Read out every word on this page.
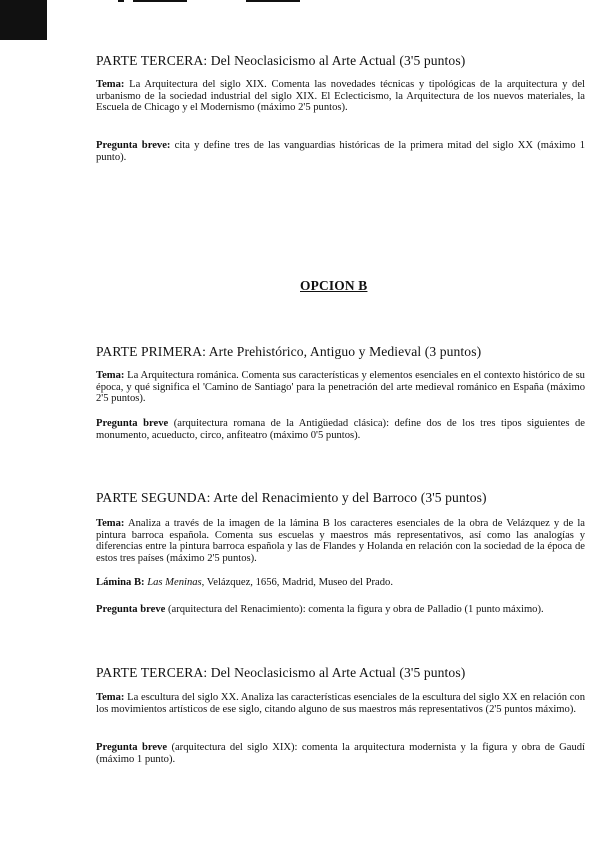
PARTE TERCERA: Del Neoclasicismo al Arte Actual (3'5 puntos)
Tema: La Arquitectura del siglo XIX. Comenta las novedades técnicas y tipológicas de la arquitectura y del urbanismo de la sociedad industrial del siglo XIX. El Eclecticismo, la Arquitectura de los nuevos materiales, la Escuela de Chicago y el Modernismo (máximo 2'5 puntos).
Pregunta breve: cita y define tres de las vanguardias históricas de la primera mitad del siglo XX (máximo 1 punto).
OPCION B
PARTE PRIMERA: Arte Prehistórico, Antiguo y Medieval (3 puntos)
Tema: La Arquitectura románica. Comenta sus características y elementos esenciales en el contexto histórico de su época, y qué significa el 'Camino de Santiago' para la penetración del arte medieval románico en España (máximo 2'5 puntos).
Pregunta breve (arquitectura romana de la Antigüedad clásica): define dos de los tres tipos siguientes de monumento, acueducto, circo, anfiteatro (máximo 0'5 puntos).
PARTE SEGUNDA: Arte del Renacimiento y del Barroco (3'5 puntos)
Tema: Analiza a través de la imagen de la lámina B los caracteres esenciales de la obra de Velázquez y de la pintura barroca española. Comenta sus escuelas y maestros más representativos, así como las analogías y diferencias entre la pintura barroca española y las de Flandes y Holanda en relación con la sociedad de la época de estos tres países (máximo 2'5 puntos).
Lámina B: Las Meninas, Velázquez, 1656, Madrid, Museo del Prado.
Pregunta breve (arquitectura del Renacimiento): comenta la figura y obra de Palladio (1 punto máximo).
PARTE TERCERA: Del Neoclasicismo al Arte Actual (3'5 puntos)
Tema: La escultura del siglo XX. Analiza las características esenciales de la escultura del siglo XX en relación con los movimientos artísticos de ese siglo, citando alguno de sus maestros más representativos (2'5 puntos máximo).
Pregunta breve (arquitectura del siglo XIX): comenta la arquitectura modernista y la figura y obra de Gaudí (máximo 1 punto).
